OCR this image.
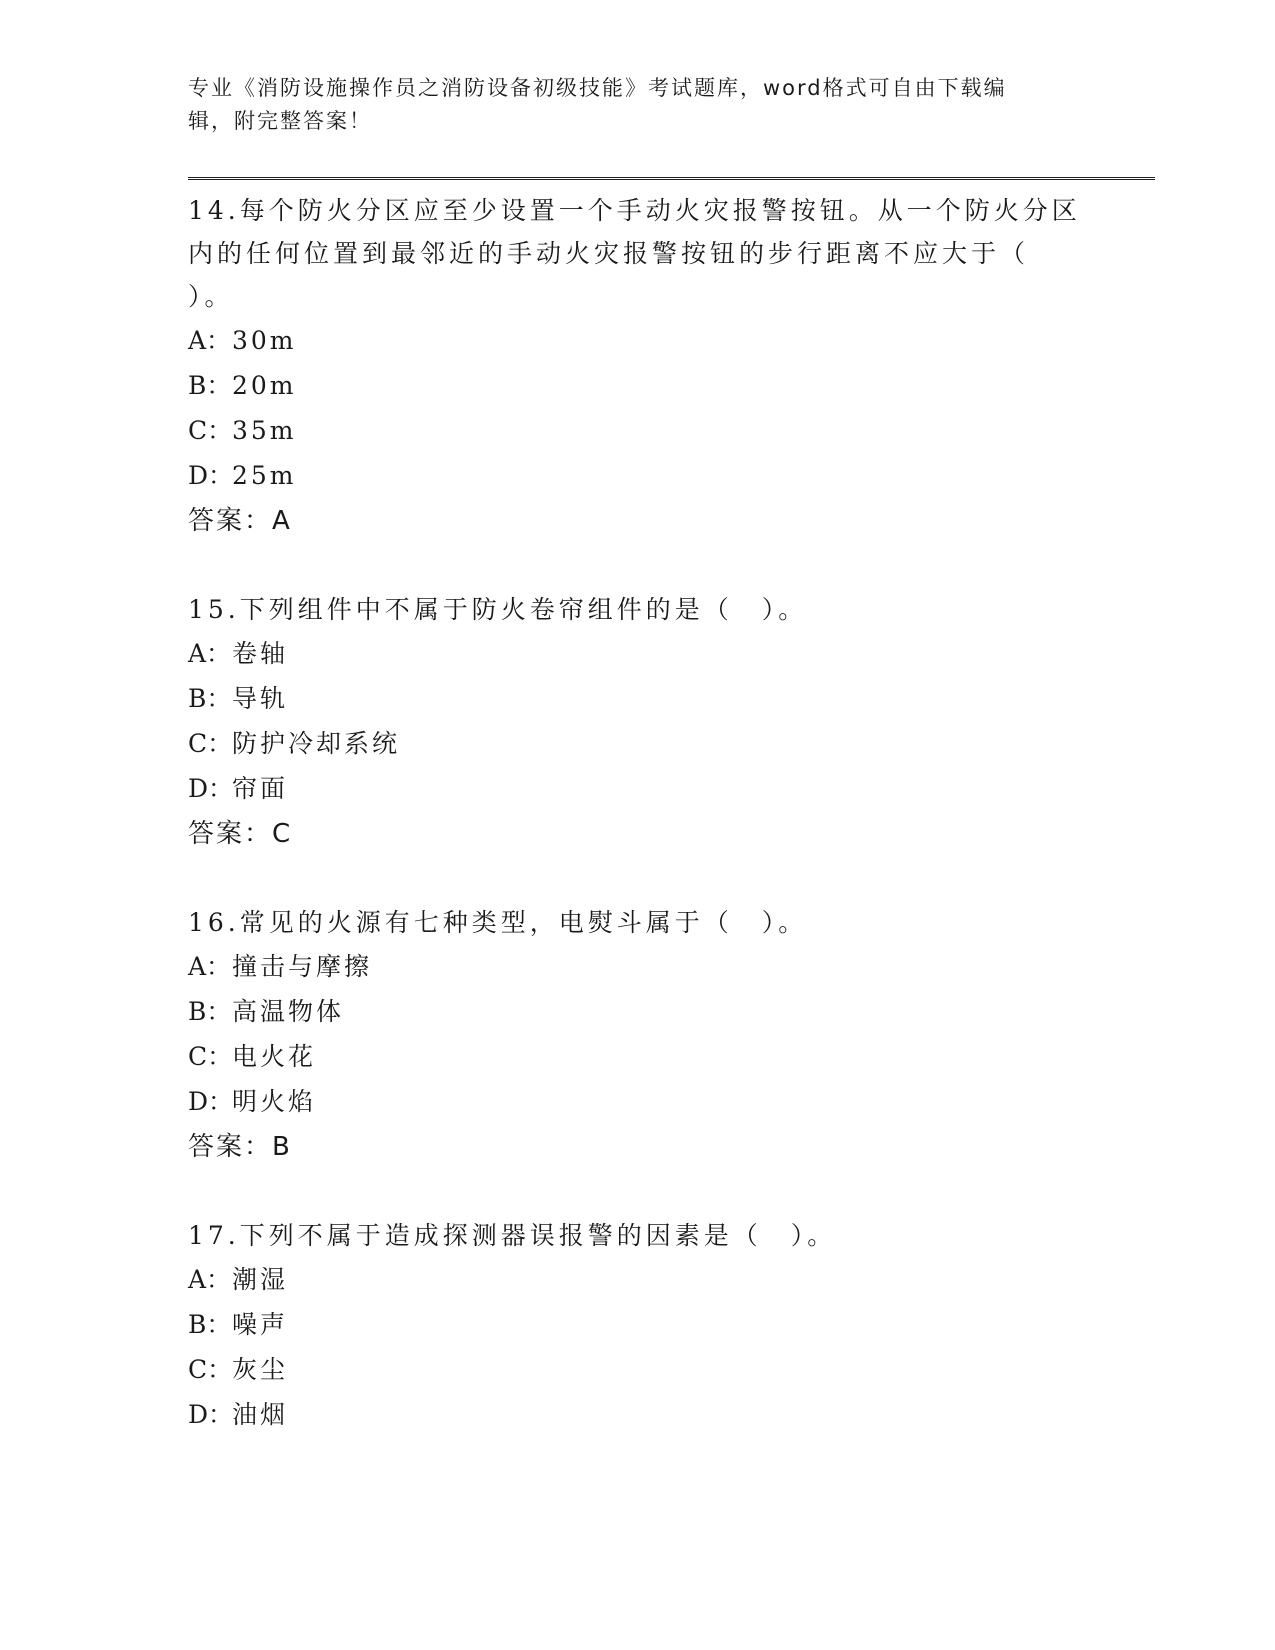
专业《消防设施操作员之消防设备初级技能》考试题库，word格式可自由下载编
辑，附完整答案！

14.每个防火分区应至少设置一个手动火灾报警按钮。从一个防火分区

内的任何位置到最邻近的手动火灾报警按钮的步行距离不应大于（

）。

A：30m

B：20m

C：35m

D：25m

答案：A

15.下列组件中不属于防火卷帘组件的是（　）。

A：卷轴

B：导轨

C：防护冷却系统

D：帘面

答案：C

16.常见的火源有七种类型，电熨斗属于（　）。

A：撞击与摩擦

B：高温物体

C：电火花

D：明火焰

答案：B

17.下列不属于造成探测器误报警的因素是（　）。

A：潮湿

B：噪声

C：灰尘

D：油烟
